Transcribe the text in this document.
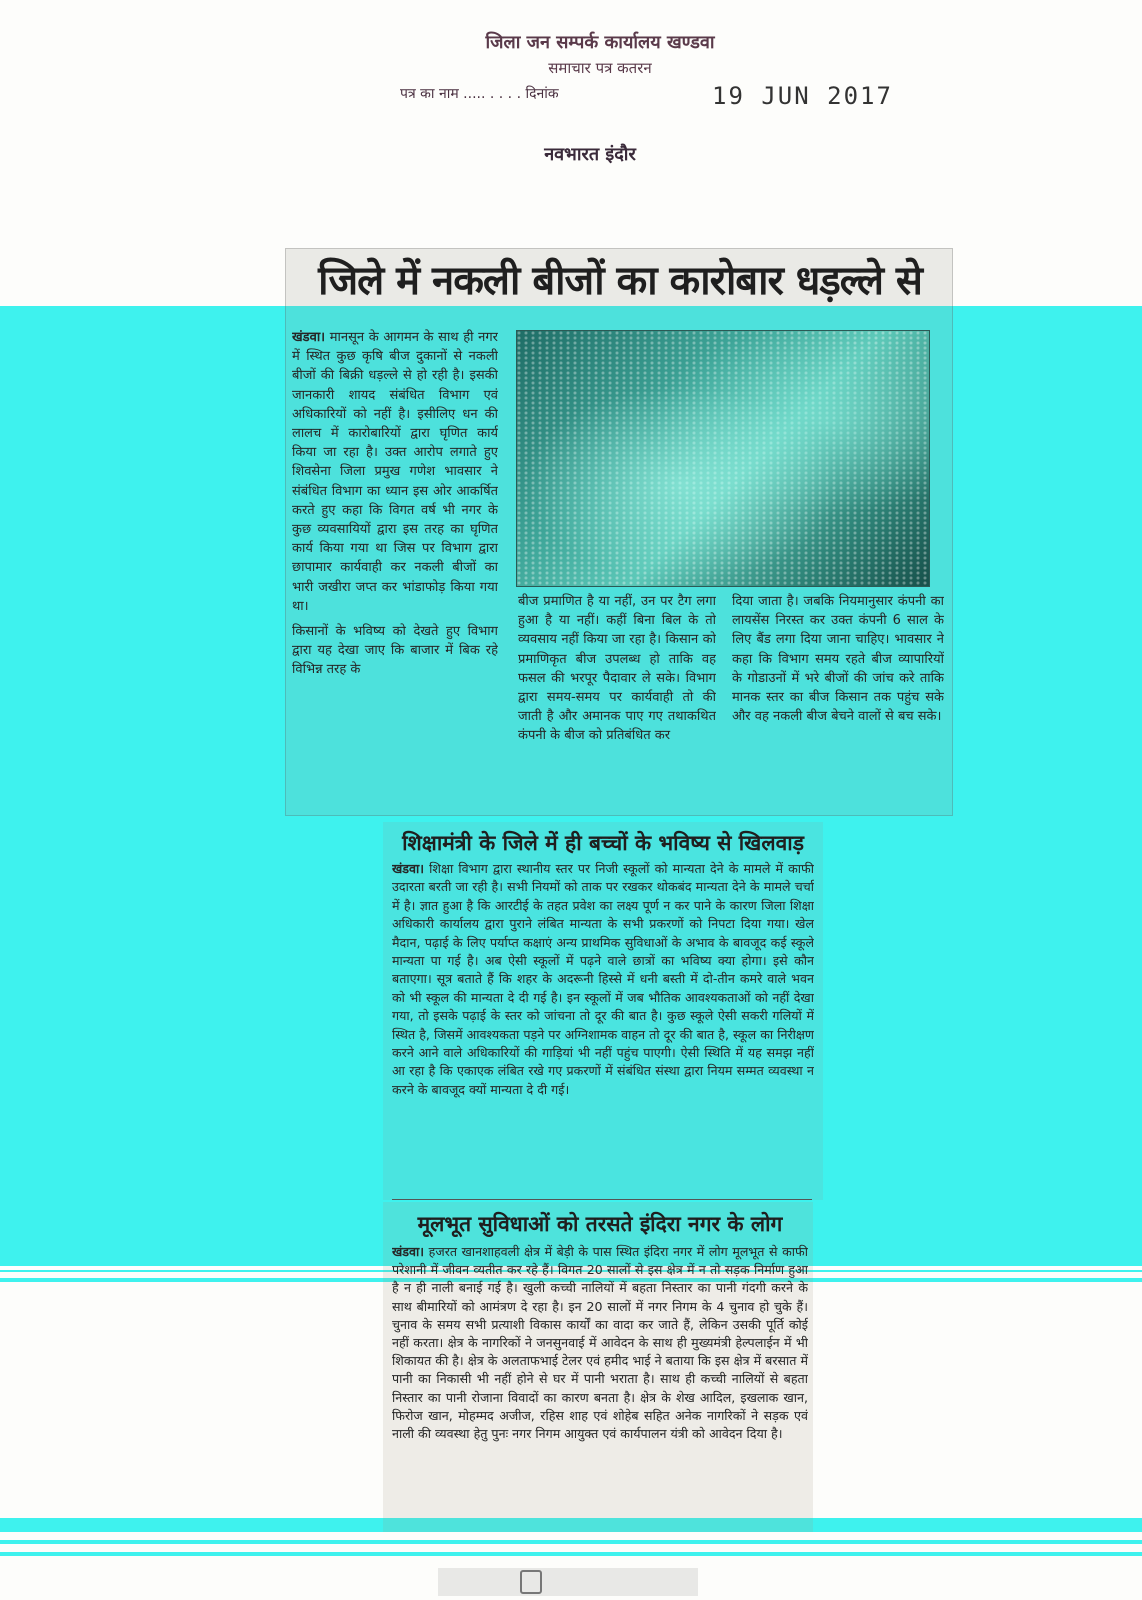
जिला जन सम्पर्क कार्यालय खण्डवा
समाचार पत्र कतरन
पत्र का नाम ..... . . . . दिनांक	19 JUN 2017
नवभारत इंदौर
जिले में नकली बीजों का कारोबार धड़ल्ले से

खंडवा। मानसून के आगमन के साथ ही नगर में स्थित कुछ कृषि बीज दुकानों से नकली बीजों की बिक्री धड़ल्ले से हो रही है। इसकी जानकारी शायद संबंधित विभाग एवं अधिकारियों को नहीं है। इसीलिए धन की लालच में कारोबारियों द्वारा घृणित कार्य किया जा रहा है। उक्त आरोप लगाते हुए शिवसेना जिला प्रमुख गणेश भावसार ने संबंधित विभाग का ध्यान इस ओर आकर्षित करते हुए कहा कि विगत वर्ष भी नगर के कुछ व्यवसायियों द्वारा इस तरह का घृणित कार्य किया गया था जिस पर विभाग द्वारा छापामार कार्यवाही कर नकली बीजों का भारी जखीरा जप्त कर भांडाफोड़ किया गया था।

किसानों के भविष्य को देखते हुए विभाग द्वारा यह देखा जाए कि बाजार में बिक रहे विभिन्न तरह के

बीज प्रमाणित है या नहीं, उन पर टैग लगा हुआ है या नहीं। कहीं बिना बिल के तो व्यवसाय नहीं किया जा रहा है। किसान को प्रमाणिकृत बीज उपलब्ध हो ताकि वह फसल की भरपूर पैदावार ले सके। विभाग द्वारा समय-समय पर कार्यवाही तो की जाती है और अमानक पाए गए तथाकथित कंपनी के बीज को प्रतिबंधित कर
दिया जाता है। जबकि नियमानुसार कंपनी का लायसेंस निरस्त कर उक्त कंपनी 6 साल के लिए बैंड लगा दिया जाना चाहिए। भावसार ने कहा कि विभाग समय रहते बीज व्यापारियों के गोडाउनों में भरे बीजों की जांच करे ताकि मानक स्तर का बीज किसान तक पहुंच सके और वह नकली बीज बेचने वालों से बच सके।
शिक्षामंत्री के जिले में ही बच्चों के भविष्य से खिलवाड़
खंडवा। शिक्षा विभाग द्वारा स्थानीय स्तर पर निजी स्कूलों को मान्यता देने के मामले में काफी उदारता बरती जा रही है। सभी नियमों को ताक पर रखकर थोकबंद मान्यता देने के मामले चर्चा में है। ज्ञात हुआ है कि आरटीई के तहत प्रवेश का लक्ष्य पूर्ण न कर पाने के कारण जिला शिक्षा अधिकारी कार्यालय द्वारा पुराने लंबित मान्यता के सभी प्रकरणों को निपटा दिया गया। खेल मैदान, पढ़ाई के लिए पर्याप्त कक्षाएं अन्य प्राथमिक सुविधाओं के अभाव के बावजूद कई स्कूले मान्यता पा गई है। अब ऐसी स्कूलों में पढ़ने वाले छात्रों का भविष्य क्या होगा। इसे कौन बताएगा। सूत्र बताते हैं कि शहर के अदरूनी हिस्से में धनी बस्ती में दो-तीन कमरे वाले भवन को भी स्कूल की मान्यता दे दी गई है। इन स्कूलों में जब भौतिक आवश्यकताओं को नहीं देखा गया, तो इसके पढ़ाई के स्तर को जांचना तो दूर की बात है। कुछ स्कूले ऐसी सकरी गलियों में स्थित है, जिसमें आवश्यकता पड़ने पर अग्निशामक वाहन तो दूर की बात है, स्कूल का निरीक्षण करने आने वाले अधिकारियों की गाड़ियां भी नहीं पहुंच पाएगी। ऐसी स्थिति में यह समझ नहीं आ रहा है कि एकाएक लंबित रखे गए प्रकरणों में संबंधित संस्था द्वारा नियम सम्मत व्यवस्था न करने के बावजूद क्यों मान्यता दे दी गई।
मूलभूत सुविधाओं को तरसते इंदिरा नगर के लोग
खंडवा। हजरत खानशाहवली क्षेत्र में बेड़ी के पास स्थित इंदिरा नगर में लोग मूलभूत से काफी परेशानी में जीवन व्यतीत कर रहे हैं। विगत 20 सालों से इस क्षेत्र में न तो सड़क निर्माण हुआ है न ही नाली बनाई गई है। खुली कच्ची नालियों में बहता निस्तार का पानी गंदगी करने के साथ बीमारियों को आमंत्रण दे रहा है। इन 20 सालों में नगर निगम के 4 चुनाव हो चुके हैं। चुनाव के समय सभी प्रत्याशी विकास कार्यों का वादा कर जाते हैं, लेकिन उसकी पूर्ति कोई नहीं करता। क्षेत्र के नागरिकों ने जनसुनवाई में आवेदन के साथ ही मुख्यमंत्री हेल्पलाईन में भी शिकायत की है। क्षेत्र के अलताफभाई टेलर एवं हमीद भाई ने बताया कि इस क्षेत्र में बरसात में पानी का निकासी भी नहीं होने से घर में पानी भराता है। साथ ही कच्ची नालियों से बहता निस्तार का पानी रोजाना विवादों का कारण बनता है। क्षेत्र के शेख आदिल, इखलाक खान, फिरोज खान, मोहम्मद अजीज, रहिस शाह एवं शोहेब सहित अनेक नागरिकों ने सड़क एवं नाली की व्यवस्था हेतु पुनः नगर निगम आयुक्त एवं कार्यपालन यंत्री को आवेदन दिया है।
